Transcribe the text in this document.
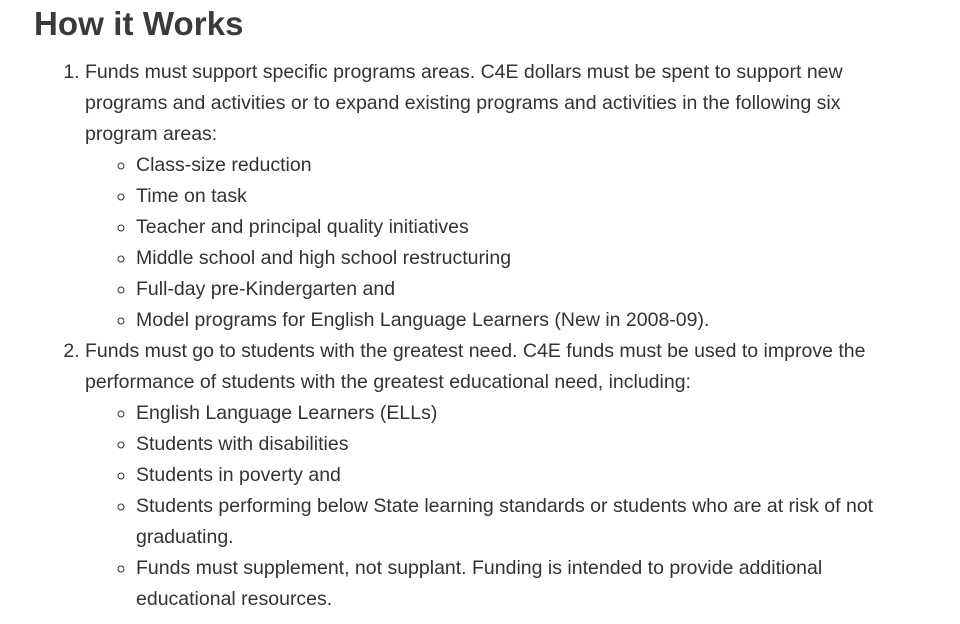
How it Works
1. Funds must support specific programs areas. C4E dollars must be spent to support new programs and activities or to expand existing programs and activities in the following six program areas:
◦ Class-size reduction
◦ Time on task
◦ Teacher and principal quality initiatives
◦ Middle school and high school restructuring
◦ Full-day pre-Kindergarten and
◦ Model programs for English Language Learners (New in 2008-09).
2. Funds must go to students with the greatest need. C4E funds must be used to improve the performance of students with the greatest educational need, including:
◦ English Language Learners (ELLs)
◦ Students with disabilities
◦ Students in poverty and
◦ Students performing below State learning standards or students who are at risk of not graduating.
◦ Funds must supplement, not supplant. Funding is intended to provide additional educational resources.
